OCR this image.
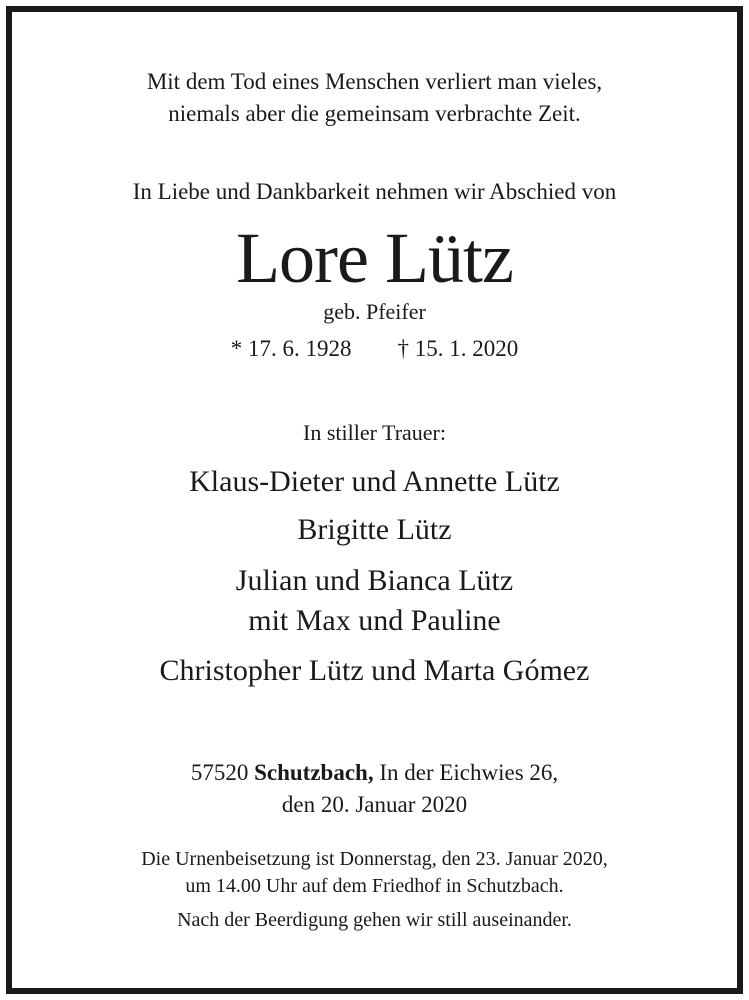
Mit dem Tod eines Menschen verliert man vieles,
niemals aber die gemeinsam verbrachte Zeit.
In Liebe und Dankbarkeit nehmen wir Abschied von
Lore Lütz
geb. Pfeifer
* 17. 6. 1928 † 15. 1. 2020
In stiller Trauer:
Klaus-Dieter und Annette Lütz
Brigitte Lütz
Julian und Bianca Lütz
mit Max und Pauline
Christopher Lütz und Marta Gómez
57520 Schutzbach, In der Eichwies 26,
den 20. Januar 2020
Die Urnenbeisetzung ist Donnerstag, den 23. Januar 2020,
um 14.00 Uhr auf dem Friedhof in Schutzbach.
Nach der Beerdigung gehen wir still auseinander.
